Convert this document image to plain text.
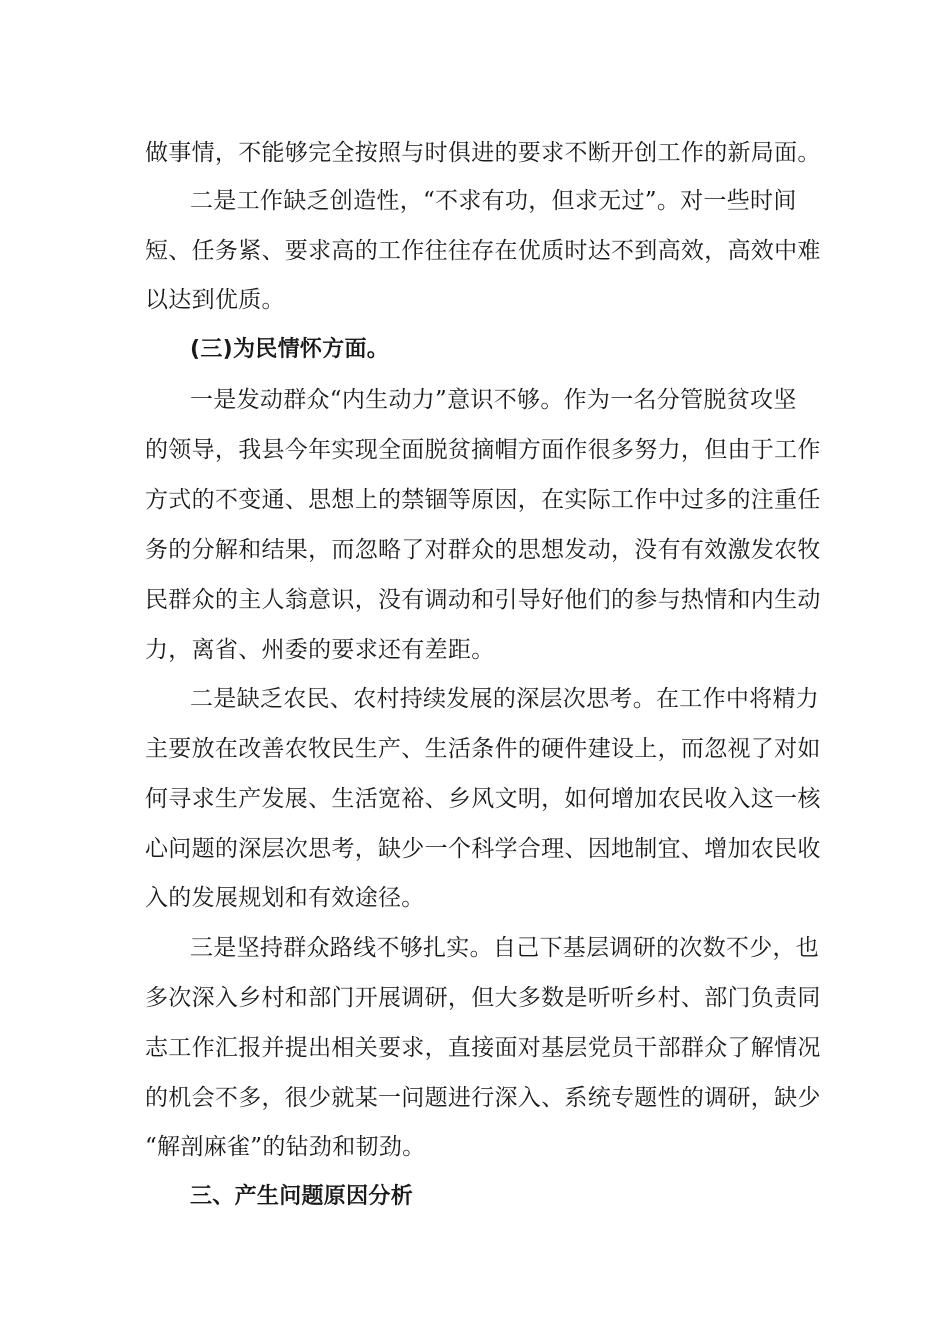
做事情，不能够完全按照与时俱进的要求不断开创工作的新局面。
二是工作缺乏创造性，“不求有功，但求无过”。对一些时间
短、任务紧、要求高的工作往往存在优质时达不到高效，高效中难
以达到优质。
(三)为民情怀方面。
一是发动群众“内生动力”意识不够。作为一名分管脱贫攻坚
的领导，我县今年实现全面脱贫摘帽方面作很多努力，但由于工作
方式的不变通、思想上的禁锢等原因，在实际工作中过多的注重任
务的分解和结果，而忽略了对群众的思想发动，没有有效激发农牧
民群众的主人翁意识，没有调动和引导好他们的参与热情和内生动
力，离省、州委的要求还有差距。
二是缺乏农民、农村持续发展的深层次思考。在工作中将精力
主要放在改善农牧民生产、生活条件的硬件建设上，而忽视了对如
何寻求生产发展、生活宽裕、乡风文明，如何增加农民收入这一核
心问题的深层次思考，缺少一个科学合理、因地制宜、增加农民收
入的发展规划和有效途径。
三是坚持群众路线不够扎实。自己下基层调研的次数不少，也
多次深入乡村和部门开展调研，但大多数是听听乡村、部门负责同
志工作汇报并提出相关要求，直接面对基层党员干部群众了解情况
的机会不多，很少就某一问题进行深入、系统专题性的调研，缺少
“解剖麻雀”的钻劲和韧劲。
三、产生问题原因分析
